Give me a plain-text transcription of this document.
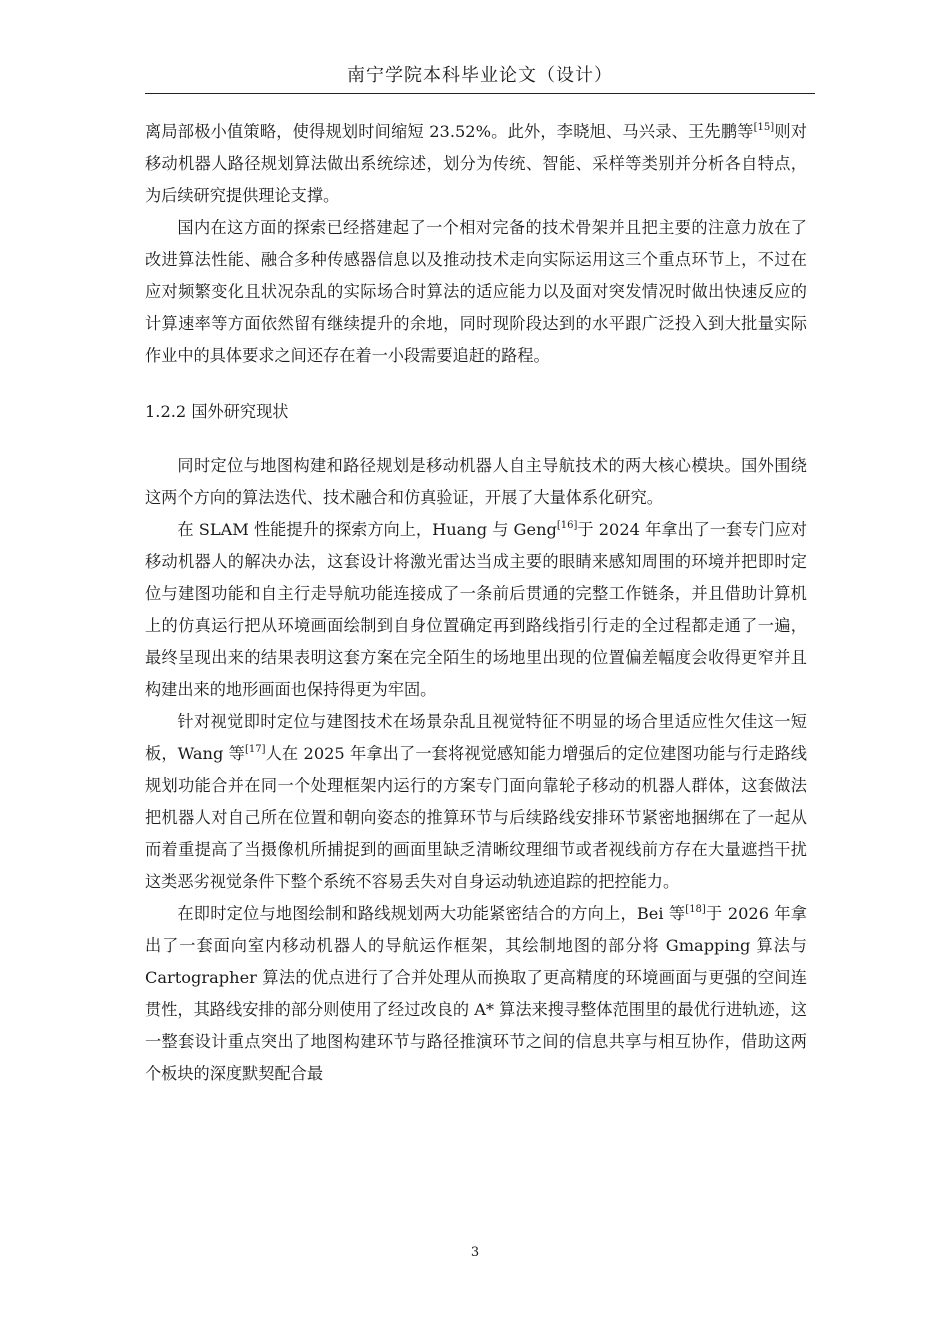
南宁学院本科毕业论文（设计）

离局部极小值策略，使得规划时间缩短 23.52%。此外，李晓旭、马兴录、王先鹏等[15]则对移动机器人路径规划算法做出系统综述，划分为传统、智能、采样等类别并分析各自特点，为后续研究提供理论支撑。

国内在这方面的探索已经搭建起了一个相对完备的技术骨架并且把主要的注意力放在了改进算法性能、融合多种传感器信息以及推动技术走向实际运用这三个重点环节上，不过在应对频繁变化且状况杂乱的实际场合时算法的适应能力以及面对突发情况时做出快速反应的计算速率等方面依然留有继续提升的余地，同时现阶段达到的水平跟广泛投入到大批量实际作业中的具体要求之间还存在着一小段需要追赶的路程。

1.2.2 国外研究现状

同时定位与地图构建和路径规划是移动机器人自主导航技术的两大核心模块。国外围绕这两个方向的算法迭代、技术融合和仿真验证，开展了大量体系化研究。

在 SLAM 性能提升的探索方向上，Huang 与 Geng[16]于 2024 年拿出了一套专门应对移动机器人的解决办法，这套设计将激光雷达当成主要的眼睛来感知周围的环境并把即时定位与建图功能和自主行走导航功能连接成了一条前后贯通的完整工作链条，并且借助计算机上的仿真运行把从环境画面绘制到自身位置确定再到路线指引行走的全过程都走通了一遍，最终呈现出来的结果表明这套方案在完全陌生的场地里出现的位置偏差幅度会收得更窄并且构建出来的地形画面也保持得更为牢固。

针对视觉即时定位与建图技术在场景杂乱且视觉特征不明显的场合里适应性欠佳这一短板，Wang 等[17]人在 2025 年拿出了一套将视觉感知能力增强后的定位建图功能与行走路线规划功能合并在同一个处理框架内运行的方案专门面向靠轮子移动的机器人群体，这套做法把机器人对自己所在位置和朝向姿态的推算环节与后续路线安排环节紧密地捆绑在了一起从而着重提高了当摄像机所捕捉到的画面里缺乏清晰纹理细节或者视线前方存在大量遮挡干扰这类恶劣视觉条件下整个系统不容易丢失对自身运动轨迹追踪的把控能力。

在即时定位与地图绘制和路线规划两大功能紧密结合的方向上，Bei 等[18]于 2026 年拿出了一套面向室内移动机器人的导航运作框架，其绘制地图的部分将 Gmapping 算法与 Cartographer 算法的优点进行了合并处理从而换取了更高精度的环境画面与更强的空间连贯性，其路线安排的部分则使用了经过改良的 A* 算法来搜寻整体范围里的最优行进轨迹，这一整套设计重点突出了地图构建环节与路径推演环节之间的信息共享与相互协作，借助这两个板块的深度默契配合最

3
